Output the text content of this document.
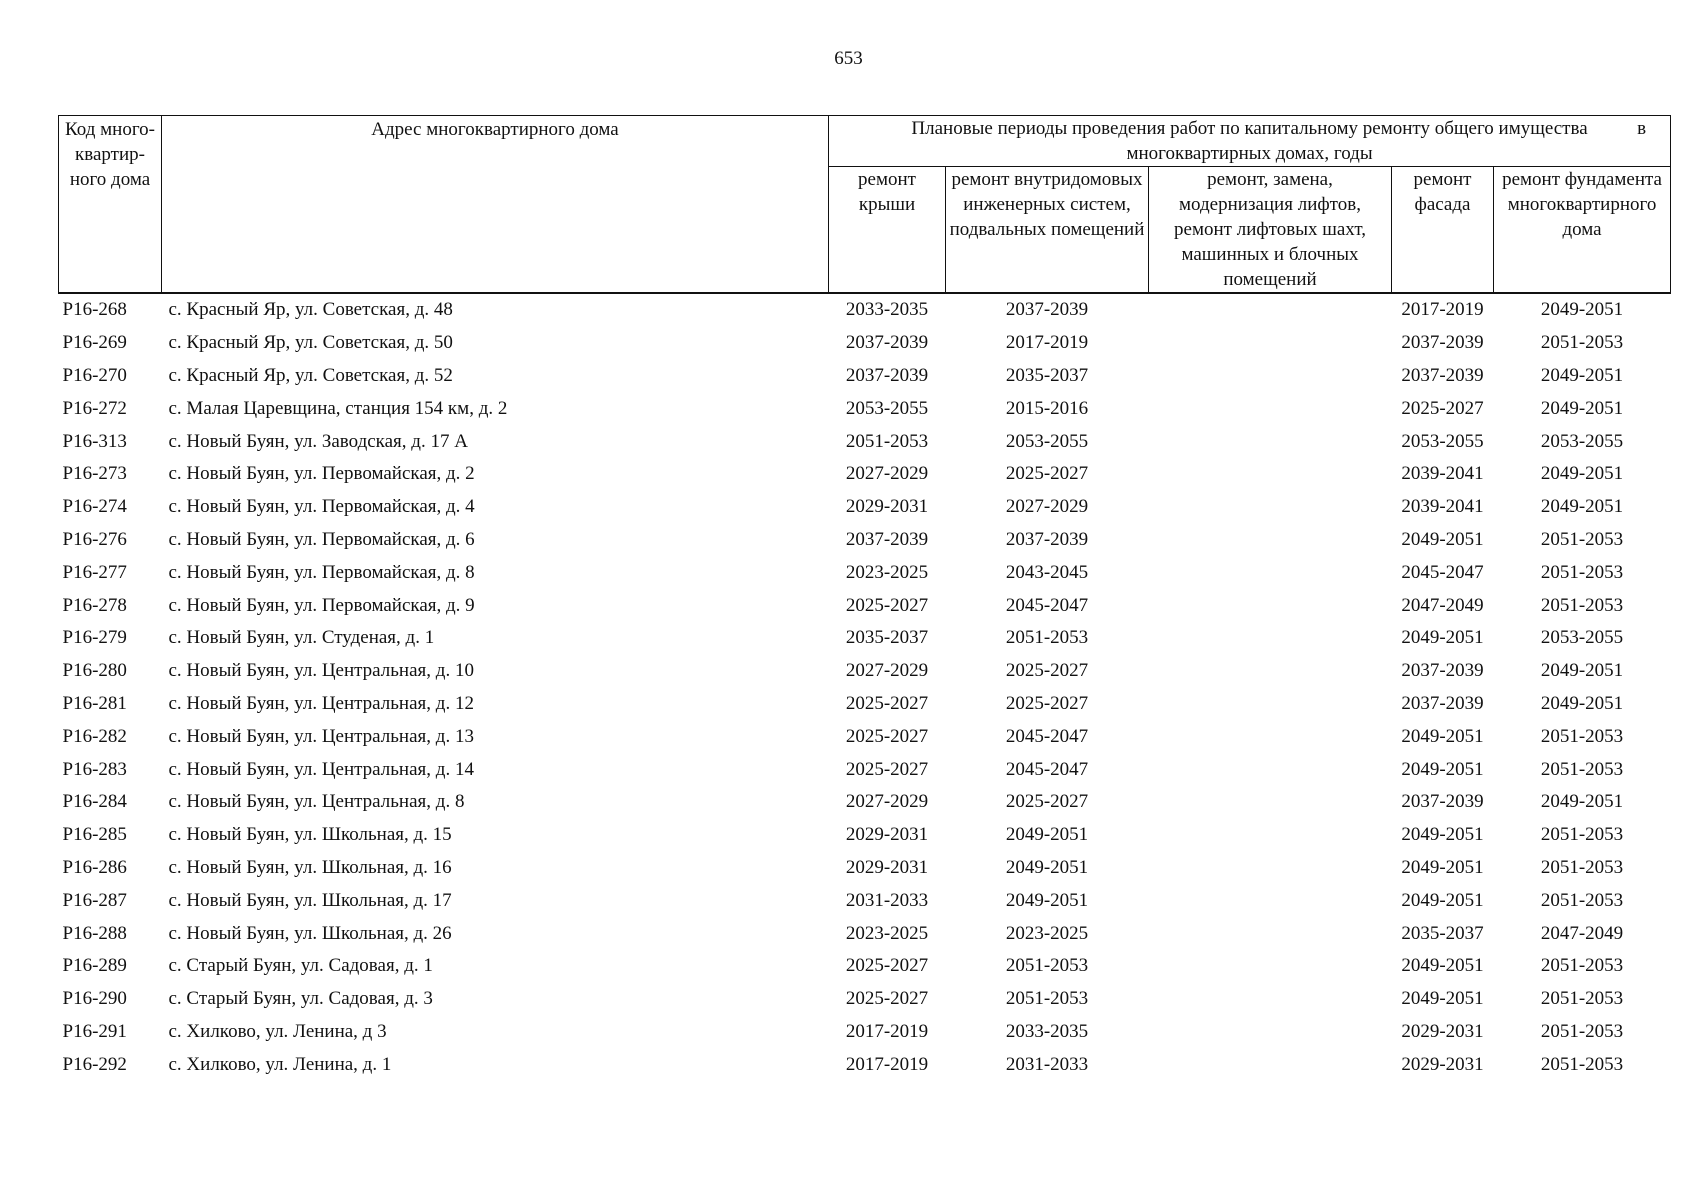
653
Код много-квартир-ного дома	Адрес многоквартирного дома	Плановые периоды проведения работ по капитальному ремонту общего имущества в
многоквартирных домах, годы				

		ремонт крыши	ремонт внутридомовых инженерных систем, подвальных помещений	ремонт, замена, модернизация лифтов, ремонт лифтовых шахт, машинных и блочных помещений	ремонт фасада	ремонт фундамента многоквартирного дома
Р16-268	с. Красный Яр, ул. Советская, д. 48	2033-2035	2037-2039		2017-2019	2049-2051
Р16-269	с. Красный Яр, ул. Советская, д. 50	2037-2039	2017-2019		2037-2039	2051-2053
Р16-270	с. Красный Яр, ул. Советская, д. 52	2037-2039	2035-2037		2037-2039	2049-2051
Р16-272	с. Малая Царевщина, станция 154 км, д. 2	2053-2055	2015-2016		2025-2027	2049-2051
Р16-313	с. Новый Буян, ул. Заводская, д. 17 А	2051-2053	2053-2055		2053-2055	2053-2055
Р16-273	с. Новый Буян, ул. Первомайская, д. 2	2027-2029	2025-2027		2039-2041	2049-2051
Р16-274	с. Новый Буян, ул. Первомайская, д. 4	2029-2031	2027-2029		2039-2041	2049-2051
Р16-276	с. Новый Буян, ул. Первомайская, д. 6	2037-2039	2037-2039		2049-2051	2051-2053
Р16-277	с. Новый Буян, ул. Первомайская, д. 8	2023-2025	2043-2045		2045-2047	2051-2053
Р16-278	с. Новый Буян, ул. Первомайская, д. 9	2025-2027	2045-2047		2047-2049	2051-2053
Р16-279	с. Новый Буян, ул. Студеная, д. 1	2035-2037	2051-2053		2049-2051	2053-2055
Р16-280	с. Новый Буян, ул. Центральная, д. 10	2027-2029	2025-2027		2037-2039	2049-2051
Р16-281	с. Новый Буян, ул. Центральная, д. 12	2025-2027	2025-2027		2037-2039	2049-2051
Р16-282	с. Новый Буян, ул. Центральная, д. 13	2025-2027	2045-2047		2049-2051	2051-2053
Р16-283	с. Новый Буян, ул. Центральная, д. 14	2025-2027	2045-2047		2049-2051	2051-2053
Р16-284	с. Новый Буян, ул. Центральная, д. 8	2027-2029	2025-2027		2037-2039	2049-2051
Р16-285	с. Новый Буян, ул. Школьная, д. 15	2029-2031	2049-2051		2049-2051	2051-2053
Р16-286	с. Новый Буян, ул. Школьная, д. 16	2029-2031	2049-2051		2049-2051	2051-2053
Р16-287	с. Новый Буян, ул. Школьная, д. 17	2031-2033	2049-2051		2049-2051	2051-2053
Р16-288	с. Новый Буян, ул. Школьная, д. 26	2023-2025	2023-2025		2035-2037	2047-2049
Р16-289	с. Старый Буян, ул. Садовая, д. 1	2025-2027	2051-2053		2049-2051	2051-2053
Р16-290	с. Старый Буян, ул. Садовая, д. 3	2025-2027	2051-2053		2049-2051	2051-2053
Р16-291	с. Хилково, ул. Ленина, д 3	2017-2019	2033-2035		2029-2031	2051-2053
Р16-292	с. Хилково, ул. Ленина, д. 1	2017-2019	2031-2033		2029-2031	2051-2053
